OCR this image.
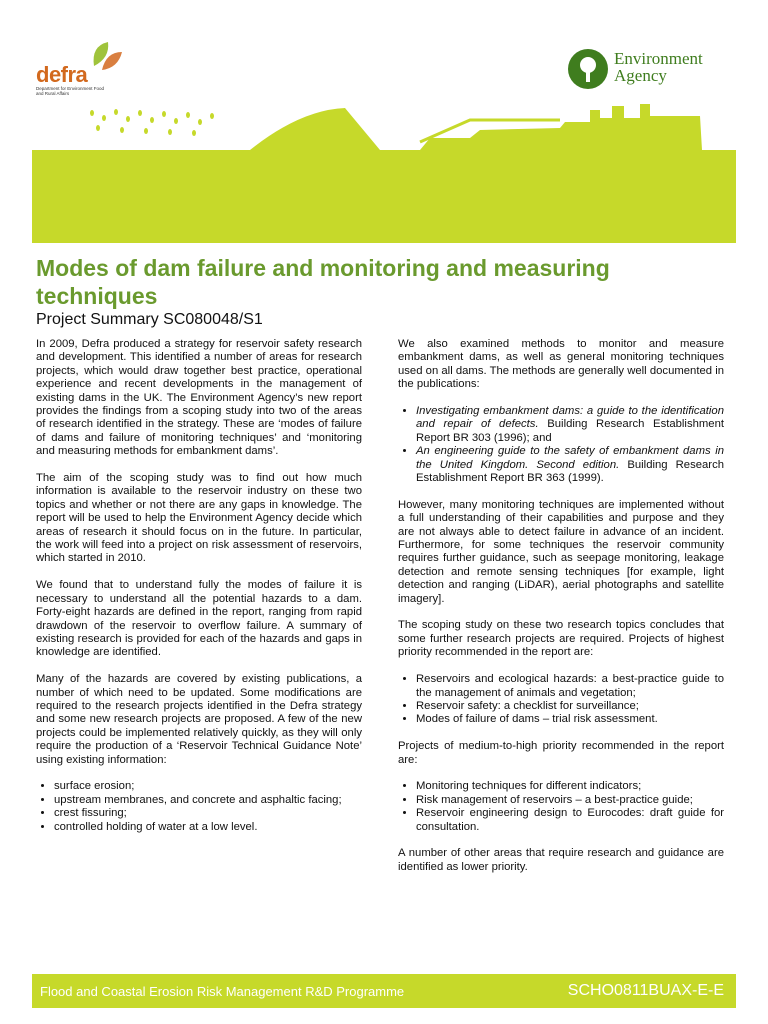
defra
Department for Environment Food and Rural Affairs
Environment
Agency
Modes of dam failure and monitoring and measuring techniques
Project Summary SC080048/S1

In 2009, Defra produced a strategy for reservoir safety research and development. This identified a number of areas for research projects, which would draw together best practice, operational experience and recent developments in the management of existing dams in the UK. The Environment Agency’s new report provides the findings from a scoping study into two of the areas of research identified in the strategy. These are ‘modes of failure of dams and failure of monitoring techniques’ and ‘monitoring and measuring methods for embankment dams’.

The aim of the scoping study was to find out how much information is available to the reservoir industry on these two topics and whether or not there are any gaps in knowledge. The report will be used to help the Environment Agency decide which areas of research it should focus on in the future. In particular, the work will feed into a project on risk assessment of reservoirs, which started in 2010.

We found that to understand fully the modes of failure it is necessary to understand all the potential hazards to a dam. Forty-eight hazards are defined in the report, ranging from rapid drawdown of the reservoir to overflow failure. A summary of existing research is provided for each of the hazards and gaps in knowledge are identified.

Many of the hazards are covered by existing publications, a number of which need to be updated. Some modifications are required to the research projects identified in the Defra strategy and some new research projects are proposed. A few of the new projects could be implemented relatively quickly, as they will only require the production of a ‘Reservoir Technical Guidance Note’ using existing information:

• surface erosion;
• upstream membranes, and concrete and asphaltic facing;
• crest fissuring;
• controlled holding of water at a low level.

We also examined methods to monitor and measure embankment dams, as well as general monitoring techniques used on all dams. The methods are generally well documented in the publications:

• Investigating embankment dams: a guide to the identification and repair of defects. Building Research Establishment Report BR 303 (1996); and
• An engineering guide to the safety of embankment dams in the United Kingdom. Second edition. Building Research Establishment Report BR 363 (1999).

However, many monitoring techniques are implemented without a full understanding of their capabilities and purpose and they are not always able to detect failure in advance of an incident. Furthermore, for some techniques the reservoir community requires further guidance, such as seepage monitoring, leakage detection and remote sensing techniques [for example, light detection and ranging (LiDAR), aerial photographs and satellite imagery].

The scoping study on these two research topics concludes that some further research projects are required. Projects of highest priority recommended in the report are:

• Reservoirs and ecological hazards: a best-practice guide to the management of animals and vegetation;
• Reservoir safety: a checklist for surveillance;
• Modes of failure of dams – trial risk assessment.

Projects of medium-to-high priority recommended in the report are:

• Monitoring techniques for different indicators;
• Risk management of reservoirs – a best-practice guide;
• Reservoir engineering design to Eurocodes: draft guide for consultation.

A number of other areas that require research and guidance are identified as lower priority.

Flood and Coastal Erosion Risk Management R&D Programme	SCHO0811BUAX-E-E
